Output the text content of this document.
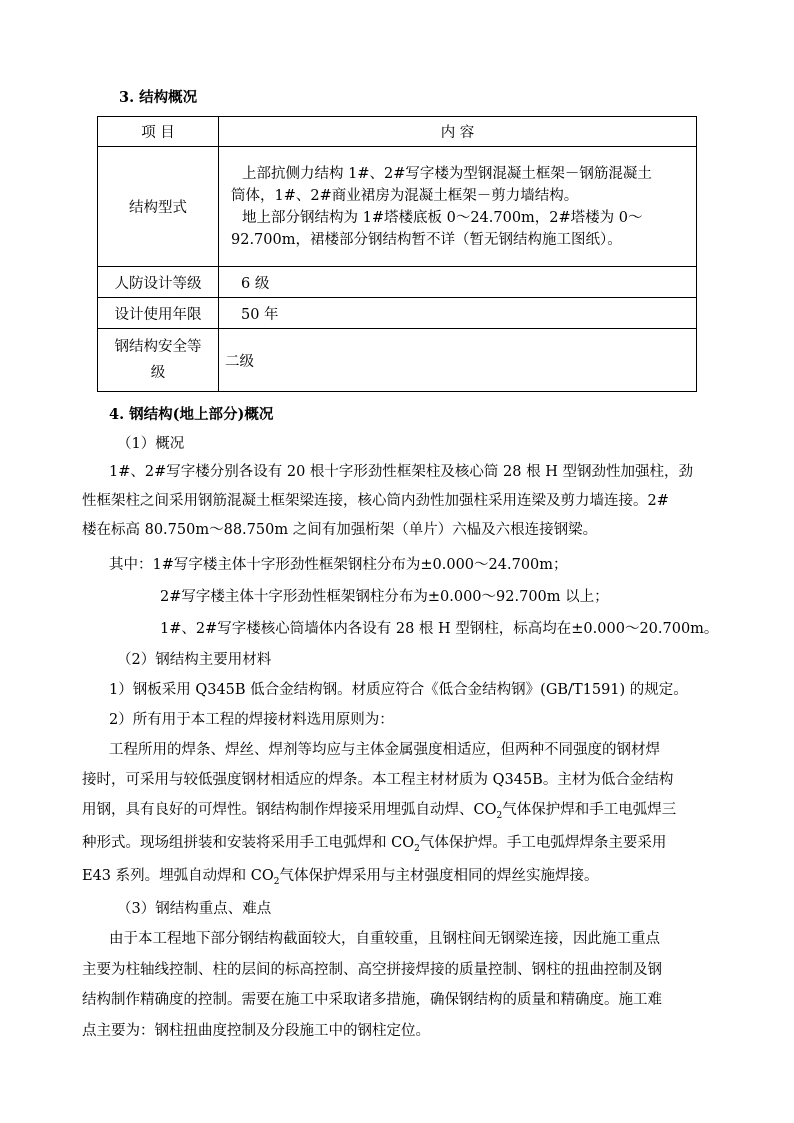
3. 结构概况
项 目	内 容
结构型式	上部抗侧力结构 1#、2#写字楼为型钢混凝土框架－钢筋混凝土
筒体，1#、2#商业裙房为混凝土框架－剪力墙结构。
地上部分钢结构为 1#塔楼底板 0～24.700m，2#塔楼为 0～
92.700m，裙楼部分钢结构暂不详（暂无钢结构施工图纸）。

人防设计等级	6 级
设计使用年限	50 年

钢结构安全等
级	二级
4. 钢结构(地上部分)概况
（1）概况
1#、2#写字楼分别各设有 20 根十字形劲性框架柱及核心筒 28 根 H 型钢劲性加强柱，劲
性框架柱之间采用钢筋混凝土框架梁连接，核心筒内劲性加强柱采用连梁及剪力墙连接。2#
楼在标高 80.750m～88.750m 之间有加强桁架（单片）六榀及六根连接钢梁。
其中：1#写字楼主体十字形劲性框架钢柱分布为±0.000～24.700m；
2#写字楼主体十字形劲性框架钢柱分布为±0.000～92.700m 以上；
1#、2#写字楼核心筒墙体内各设有 28 根 H 型钢柱，标高均在±0.000～20.700m。
（2）钢结构主要用材料
1）钢板采用 Q345B 低合金结构钢。材质应符合《低合金结构钢》(GB/T1591) 的规定。
2）所有用于本工程的焊接材料选用原则为：
工程所用的焊条、焊丝、焊剂等均应与主体金属强度相适应，但两种不同强度的钢材焊
接时，可采用与较低强度钢材相适应的焊条。本工程主材材质为 Q345B。主材为低合金结构
用钢，具有良好的可焊性。钢结构制作焊接采用埋弧自动焊、$CO_2$气体保护焊和手工电弧焊三
种形式。现场组拼装和安装将采用手工电弧焊和 $CO_2$气体保护焊。手工电弧焊焊条主要采用
E43 系列。埋弧自动焊和 $CO_2$气体保护焊采用与主材强度相同的焊丝实施焊接。
（3）钢结构重点、难点
由于本工程地下部分钢结构截面较大，自重较重，且钢柱间无钢梁连接，因此施工重点
主要为柱轴线控制、柱的层间的标高控制、高空拼接焊接的质量控制、钢柱的扭曲控制及钢
结构制作精确度的控制。需要在施工中采取诸多措施，确保钢结构的质量和精确度。施工难
点主要为：钢柱扭曲度控制及分段施工中的钢柱定位。
